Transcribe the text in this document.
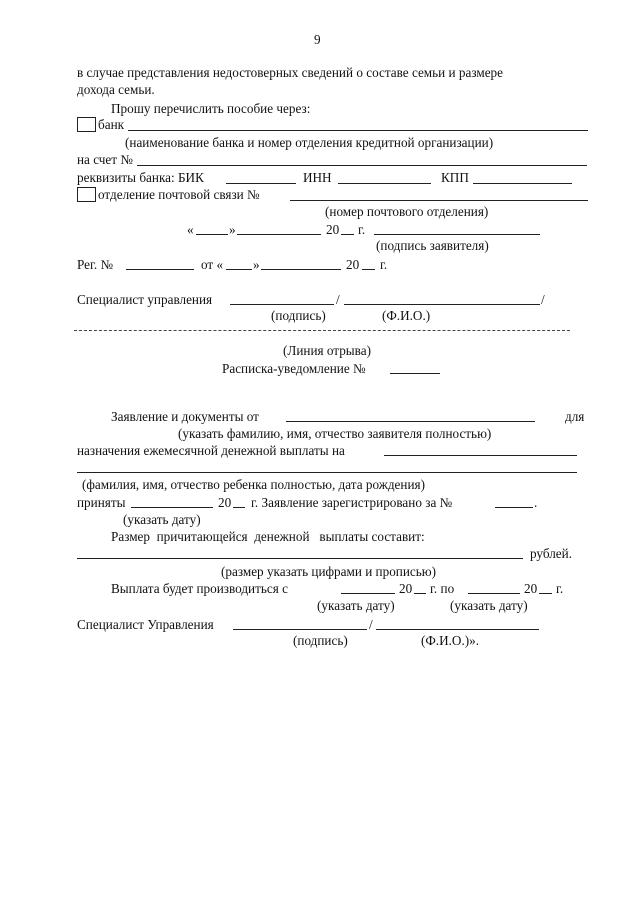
9
в случае представления недостоверных сведений о составе семьи и размере
дохода семьи.
Прошу перечислить пособие через:
банк
(наименование банка и номер отделения кредитной организации)
на счет №
реквизиты банка: БИК	ИНН	КПП
отделение почтовой связи №
(номер почтового отделения)
«	»	20 г.
(подпись заявителя)
Рег. №	от « »	20 г.
Специалист управления	/	/
(подпись)	(Ф.И.О.)
(Линия отрыва)
Расписка-уведомление №
Заявление и документы от	для
(указать фамилию, имя, отчество заявителя полностью)
назначения ежемесячной денежной выплаты на
(фамилия, имя, отчество ребенка полностью, дата рождения)
приняты	20 г. Заявление зарегистрировано за №	.
(указать дату)
Размер  причитающейся  денежной   выплаты составит:
рублей.
(размер указать цифрами и прописью)
Выплата будет производиться с	20 г. по	20 г.
(указать дату)	(указать дату)
Специалист Управления	/
(подпись)	(Ф.И.О.)».
